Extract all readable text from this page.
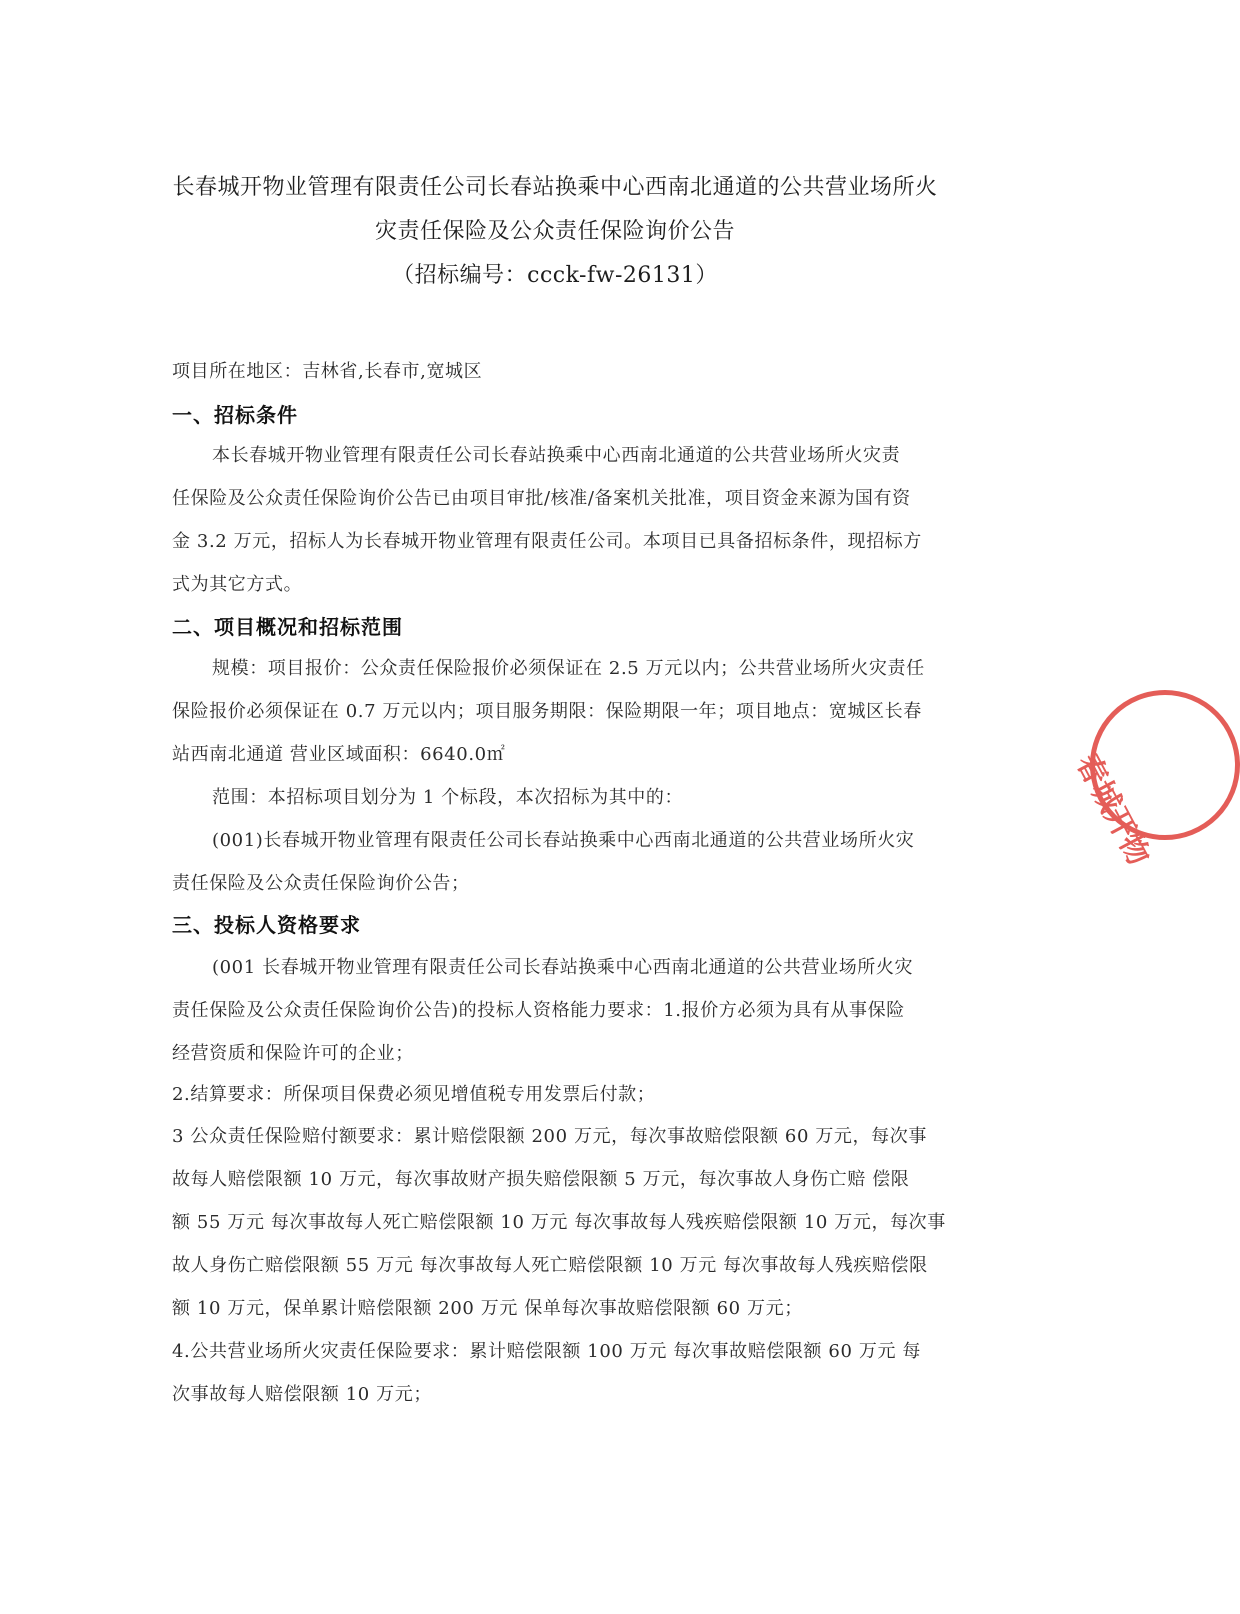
长春城开物业管理有限责任公司长春站换乘中心西南北通道的公共营业场所火
灾责任保险及公众责任保险询价公告
（招标编号：ccck-fw-26131）
项目所在地区：吉林省,长春市,宽城区
一、招标条件
本长春城开物业管理有限责任公司长春站换乘中心西南北通道的公共营业场所火灾责
任保险及公众责任保险询价公告已由项目审批/核准/备案机关批准，项目资金来源为国有资
金 3.2 万元，招标人为长春城开物业管理有限责任公司。本项目已具备招标条件，现招标方
式为其它方式。
二、项目概况和招标范围
规模：项目报价：公众责任保险报价必须保证在 2.5 万元以内；公共营业场所火灾责任
保险报价必须保证在 0.7 万元以内；项目服务期限：保险期限一年；项目地点：宽城区长春
站西南北通道 营业区域面积：6640.0㎡
范围：本招标项目划分为 1 个标段，本次招标为其中的：
(001)长春城开物业管理有限责任公司长春站换乘中心西南北通道的公共营业场所火灾
责任保险及公众责任保险询价公告；
三、投标人资格要求
(001 长春城开物业管理有限责任公司长春站换乘中心西南北通道的公共营业场所火灾
责任保险及公众责任保险询价公告)的投标人资格能力要求：1.报价方必须为具有从事保险
经营资质和保险许可的企业；
2.结算要求：所保项目保费必须见增值税专用发票后付款；
3 公众责任保险赔付额要求：累计赔偿限额 200 万元，每次事故赔偿限额 60 万元，每次事
故每人赔偿限额 10 万元，每次事故财产损失赔偿限额 5 万元，每次事故人身伤亡赔 偿限
额 55 万元 每次事故每人死亡赔偿限额 10 万元 每次事故每人残疾赔偿限额 10 万元，每次事
故人身伤亡赔偿限额 55 万元 每次事故每人死亡赔偿限额 10 万元 每次事故每人残疾赔偿限
额 10 万元，保单累计赔偿限额 200 万元 保单每次事故赔偿限额 60 万元；
4.公共营业场所火灾责任保险要求：累计赔偿限额 100 万元 每次事故赔偿限额 60 万元 每
次事故每人赔偿限额 10 万元；
春城开物
